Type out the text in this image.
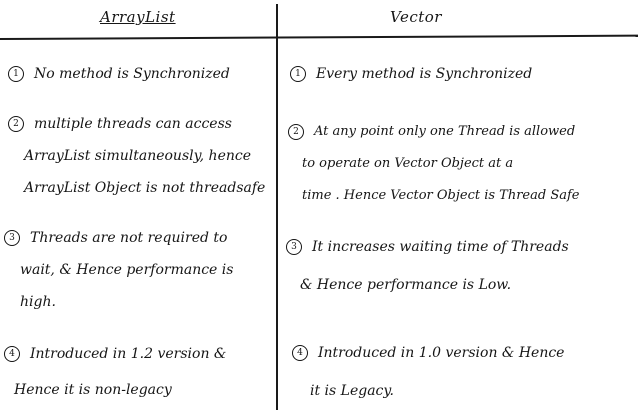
ArrayList	Vector
1 No method is Synchronized
2 multiple threads can access
ArrayList simultaneously, hence
ArrayList Object is not threadsafe
3 Threads are not required to
wait, & Hence performance is
high.
4 Introduced in 1.2 version &
Hence it is non-legacy
1 Every method is Synchronized
2 At any point only one Thread is allowed
to operate on Vector Object at a
time . Hence Vector Object is Thread Safe
3 It increases waiting time of Threads
& Hence performance is Low.
4 Introduced in 1.0 version & Hence
it is Legacy.
